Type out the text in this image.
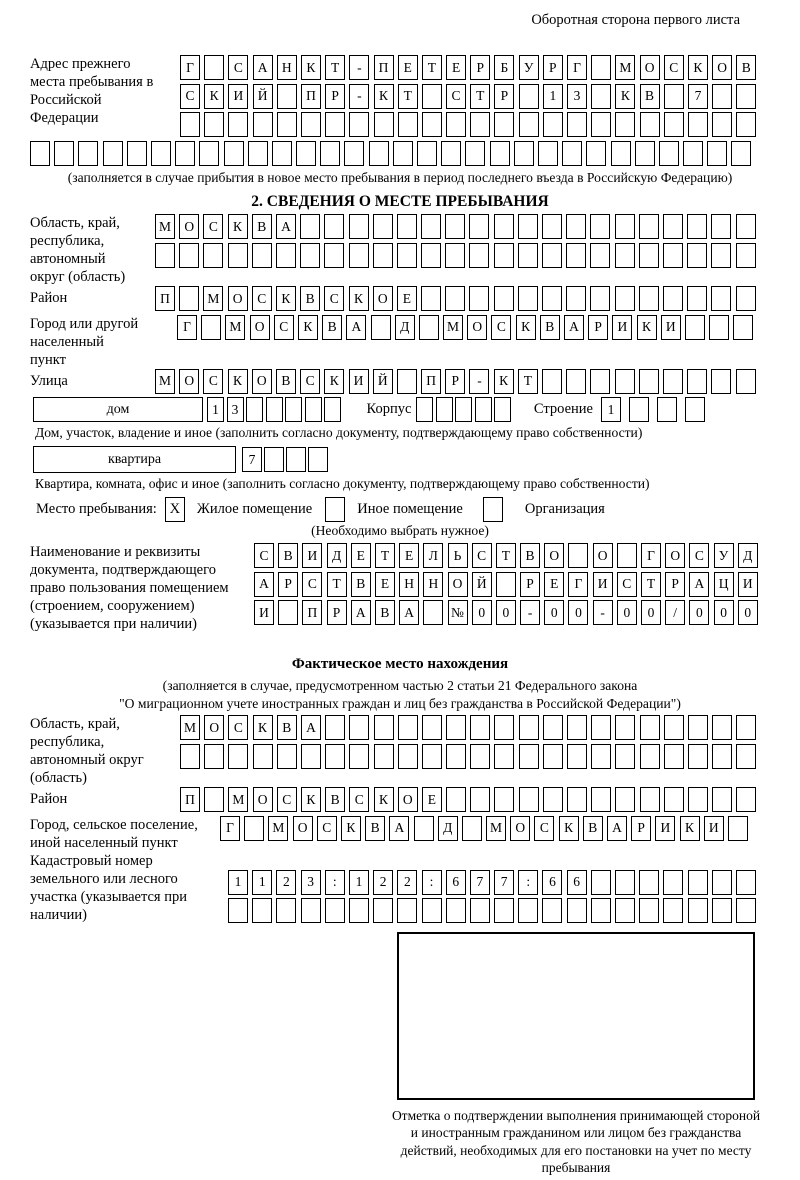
Оборотная сторона первого листа
Адрес прежнего места пребывания в Российской Федерации
Г	С	А	Н	К	Т	-	П	Е	Т	Е	Р	Б	У	Р	Г	М О	С	К	О	В
С	К	И	Й	П	Р	-	К	Т	С	Т	Р	1	3	К	В	7
(заполняется в случае прибытия в новое место пребывания в период последнего въезда в Российскую Федерацию)
2. СВЕДЕНИЯ О МЕСТЕ ПРЕБЫВАНИЯ
Область, край, республика, автономный округ (область)
М О	С	К	В	А
Район	П	М О	С	К	В	С	К	О	Е
Город или другой населенный пункт
Г	М О	С	К	В	А	Д	М О	С	К	В	А	Р	И	К	И
Улица	М О	С	К	О	В	С	К	И	Й	П	Р	-	К	Т
дом	1 3	Корпус	Строение	1
Дом, участок, владение и иное (заполнить согласно документу, подтверждающему право собственности)
квартира	7
Квартира, комната, офис и иное (заполнить согласно документу, подтверждающему право собственности)
Место пребывания: X	Жилое помещение	Иное помещение	Организация
(Необходимо выбрать нужное)
Наименование и реквизиты документа, подтверждающего право пользования помещением (строением, сооружением) (указывается при наличии)
С	В	И	Д	Е	Т	Е	Л	Ь	С	Т	В	О	О	Г	О	С	У	Д
А	Р	С	Т	В	Е	Н	Н	О	Й	Р	Е	Г	И	С	Т	Р	А	Ц	И
И	П	Р	А	В	А	№	0	0	-	0	0	-	0	0	/	0	0	0
Фактическое место нахождения
(заполняется в случае, предусмотренном частью 2 статьи 21 Федерального закона
"О миграционном учете иностранных граждан и лиц без гражданства в Российской Федерации")
Область, край, республика, автономный округ (область)
М О	С	К	В	А
Район	П	М О	С	К	В	С	К	О	Е
Город, сельское поселение, иной населенный пункт
Г	М О	С	К	В	А	Д	М О	С	К	В	А	Р	И	К	И
Кадастровый номер земельного или лесного участка (указывается при наличии)
1	1	2	3	:	1	2	2	:	6	7	7	:	6	6
Отметка о подтверждении выполнения принимающей стороной и иностранным гражданином или лицом без гражданства действий, необходимых для его постановки на учет по месту пребывания
